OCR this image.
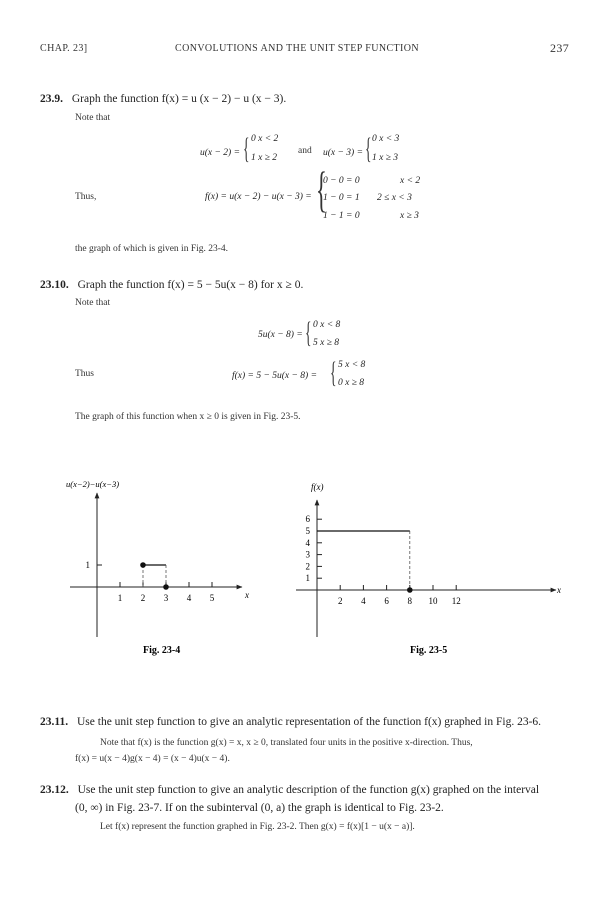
CHAP. 23]	CONVOLUTIONS AND THE UNIT STEP FUNCTION	237
23.9. Graph the function f(x) = u (x − 2) − u (x − 3).
Note that
u(x − 2) = { 0 x < 2
1 x ≥ 2
and u(x − 3) = { 0 x < 3
1 x ≥ 3
Thus,	f(x) = u(x − 2) − u(x − 3) = {
0 − 0 = 0	x < 2
1 − 0 = 1 2 ≤ x < 3
1 − 1 = 0	x ≥ 3
the graph of which is given in Fig. 23-4.
23.10. Graph the function f(x) = 5 − 5u(x − 8) for x ≥ 0.
Note that
5u(x − 8) = { 0 x < 8
5 x ≥ 8
Thus	f(x) = 5 − 5u(x − 8) = { 5 x < 8
0 x ≥ 8
The graph of this function when x ≥ 0 is given in Fig. 23-5.
u(x−2)−u(x−3)
x
1 2 3 4 5
1
f(x)
x
2 4 6 8 10 12
1
2
3
4
5
6
Fig. 23-4	Fig. 23-5
23.11. Use the unit step function to give an analytic representation of the function f(x) graphed in Fig. 23-6.
Note that f(x) is the function g(x) = x, x ≥ 0, translated four units in the positive x-direction. Thus,
f(x) = u(x − 4)g(x − 4) = (x − 4)u(x − 4).
23.12. Use the unit step function to give an analytic description of the function g(x) graphed on the interval
(0, ∞) in Fig. 23-7. If on the subinterval (0, a) the graph is identical to Fig. 23-2.
Let f(x) represent the function graphed in Fig. 23-2. Then g(x) = f(x)[1 − u(x − a)].
